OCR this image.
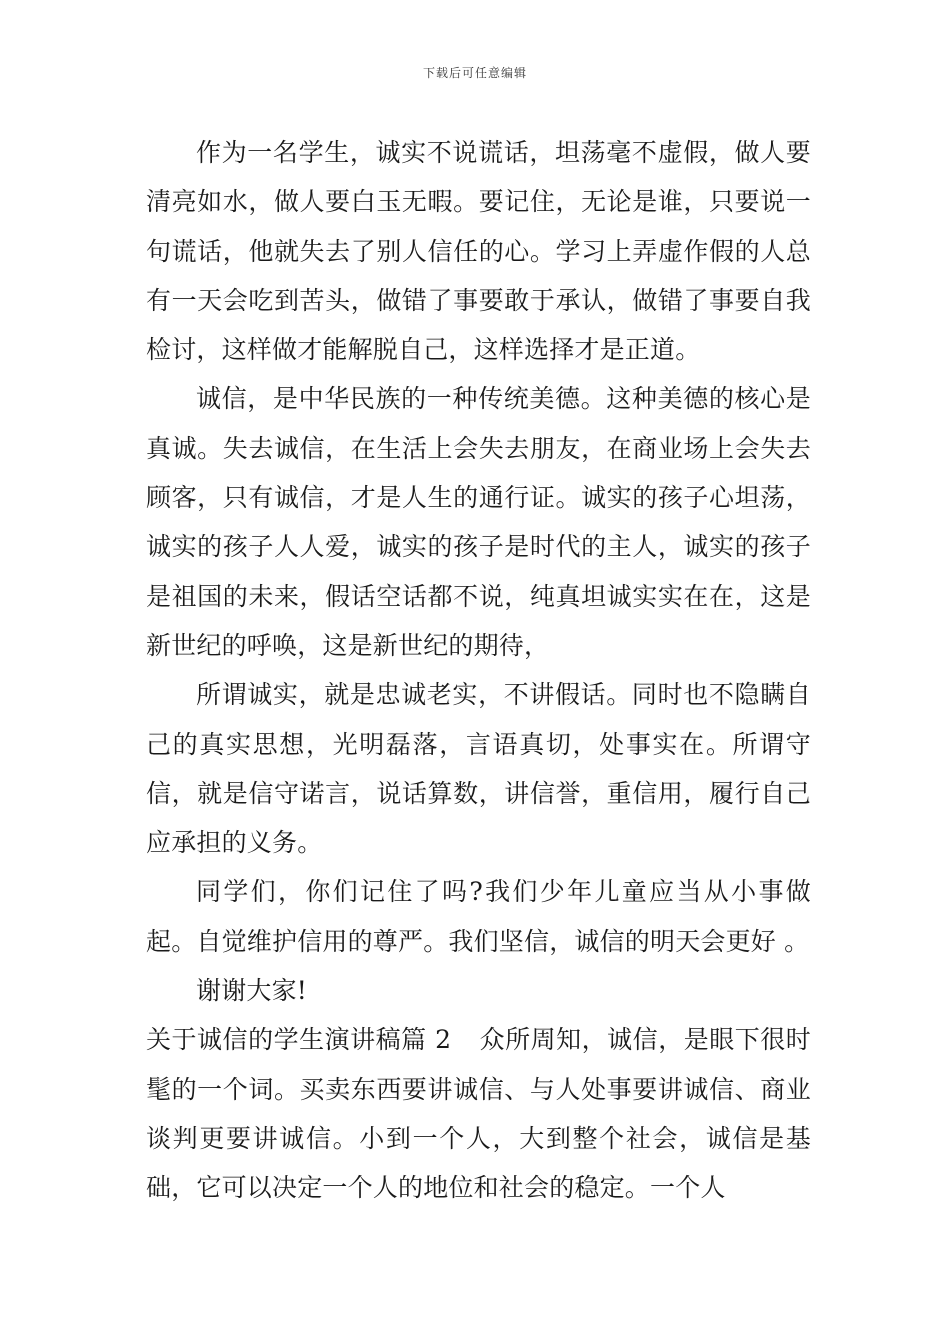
下载后可任意编辑

作为一名学生，诚实不说谎话，坦荡毫不虚假，做人要清亮如水，做人要白玉无暇。要记住，无论是谁，只要说一句谎话，他就失去了别人信任的心。学习上弄虚作假的人总有一天会吃到苦头，做错了事要敢于承认，做错了事要自我检讨，这样做才能解脱自己，这样选择才是正道。

诚信，是中华民族的一种传统美德。这种美德的核心是真诚。失去诚信，在生活上会失去朋友，在商业场上会失去顾客，只有诚信，才是人生的通行证。诚实的孩子心坦荡，诚实的孩子人人爱，诚实的孩子是时代的主人，诚实的孩子是祖国的未来，假话空话都不说，纯真坦诚实实在在，这是新世纪的呼唤，这是新世纪的期待，

所谓诚实，就是忠诚老实，不讲假话。同时也不隐瞒自己的真实思想，光明磊落，言语真切，处事实在。所谓守信，就是信守诺言，说话算数，讲信誉，重信用，履行自己应承担的义务。

同学们，你们记住了吗?我们少年儿童应当从小事做起。自觉维护信用的尊严。我们坚信，诚信的明天会更好 。

谢谢大家!

关于诚信的学生演讲稿篇 2 众所周知，诚信，是眼下很时髦的一个词。买卖东西要讲诚信、与人处事要讲诚信、商业谈判更要讲诚信。小到一个人，大到整个社会，诚信是基础，它可以决定一个人的地位和社会的稳定。一个人
